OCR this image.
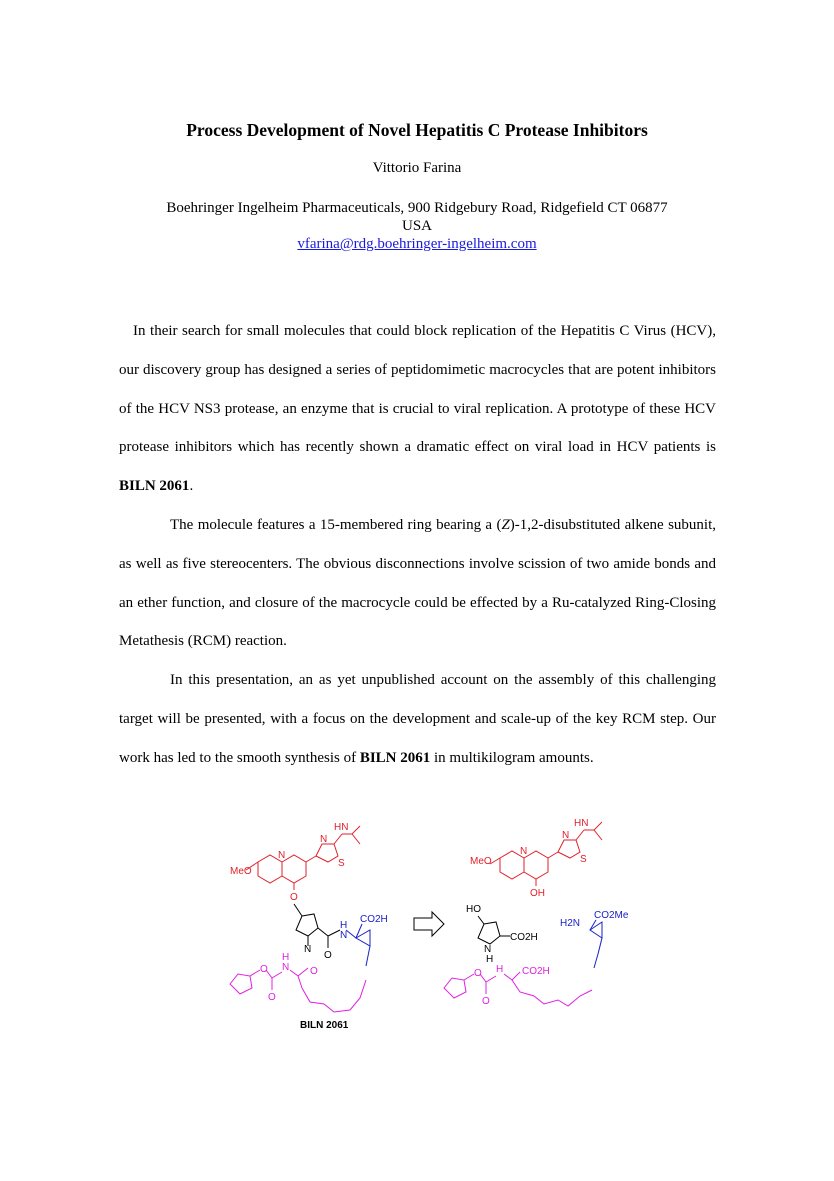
Process Development of Novel Hepatitis C Protease Inhibitors
Vittorio Farina
Boehringer Ingelheim Pharmaceuticals, 900 Ridgebury Road, Ridgefield CT 06877
USA
vfarina@rdg.boehringer-ingelheim.com

In their search for small molecules that could block replication of the Hepatitis C Virus (HCV), our discovery group has designed a series of peptidomimetic macrocycles that are potent inhibitors of the HCV NS3 protease, an enzyme that is crucial to viral replication. A prototype of these HCV protease inhibitors which has recently shown a dramatic effect on viral load in HCV patients is BILN 2061.

The molecule features a 15-membered ring bearing a (Z)-1,2-disubstituted alkene subunit, as well as five stereocenters. The obvious disconnections involve scission of two amide bonds and an ether function, and closure of the macrocycle could be effected by a Ru-catalyzed Ring-Closing Metathesis (RCM) reaction.

In this presentation, an as yet unpublished account on the assembly of this challenging target will be presented, with a focus on the development and scale-up of the key RCM step. Our work has led to the smooth synthesis of BILN 2061 in multikilogram amounts.

MeO
N
N
S
HN
O
N
O
H
N
CO2H
O
O
H
N O
BILN 2061
MeO
N
N
S
HN
OH
HO
N
H
CO2H
H2N
CO2Me
O
O
H CO2H
